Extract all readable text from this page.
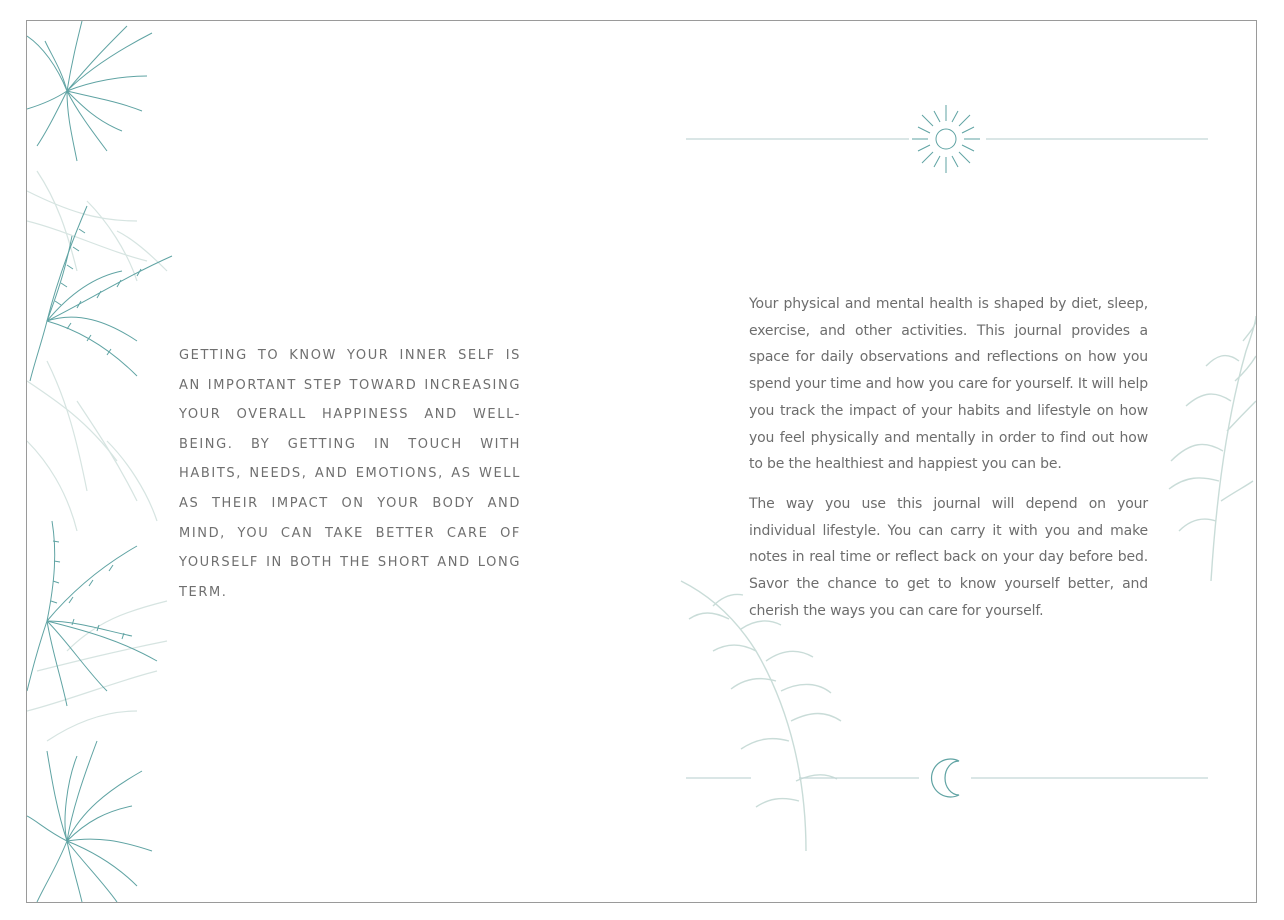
GETTING TO KNOW YOUR INNER SELF IS AN IMPORTANT STEP TOWARD INCREASING YOUR OVERALL HAPPINESS AND WELL-BEING. BY GETTING IN TOUCH WITH HABITS, NEEDS, AND EMOTIONS, AS WELL AS THEIR IMPACT ON YOUR BODY AND MIND, YOU CAN TAKE BETTER CARE OF YOURSELF IN BOTH THE SHORT AND LONG TERM.

Your physical and mental health is shaped by diet, sleep, exercise, and other activities. This journal provides a space for daily observations and reflections on how you spend your time and how you care for yourself. It will help you track the impact of your habits and lifestyle on how you feel physically and mentally in order to find out how to be the healthiest and happiest you can be.

The way you use this journal will depend on your individual lifestyle. You can carry it with you and make notes in real time or reflect back on your day before bed. Savor the chance to get to know yourself better, and cherish the ways you can care for yourself.
